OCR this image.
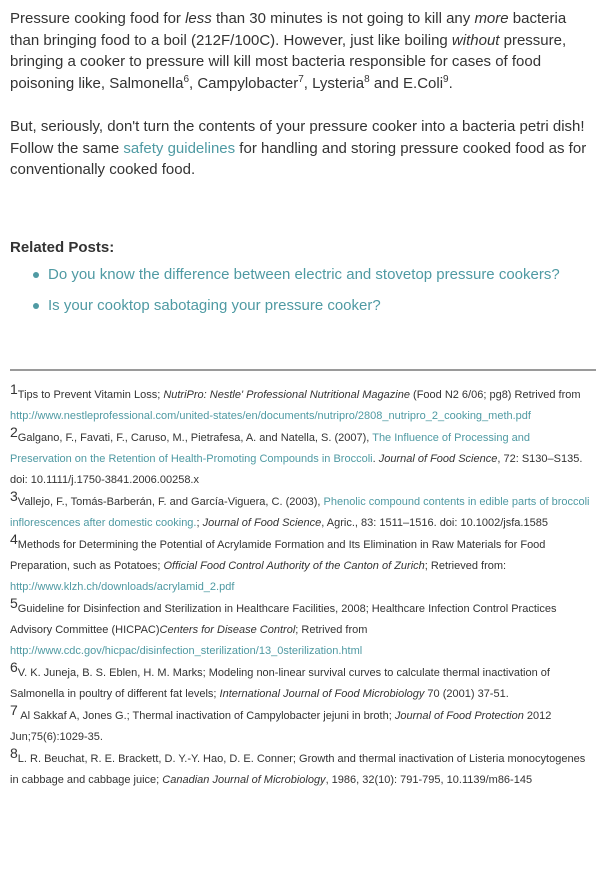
Pressure cooking food for less than 30 minutes is not going to kill any more bacteria than bringing food to a boil (212F/100C). However, just like boiling without pressure, bringing a cooker to pressure will kill most bacteria responsible for cases of food poisoning like, Salmonella$^6$, Campylobacter$^7$, Lysteria$^8$ and E.Coli$^9$.

But, seriously, don't turn the contents of your pressure cooker into a bacteria petri dish! Follow the same safety guidelines for handling and storing pressure cooked food as for conventionally cooked food.

Related Posts:
Do you know the difference between electric and stovetop pressure cookers?
Is your cooktop sabotaging your pressure cooker?
1Tips to Prevent Vitamin Loss; NutriPro: Nestle' Professional Nutritional Magazine (Food N2 6/06; pg8) Retrived from http://www.nestleprofessional.com/united-states/en/documents/nutripro/2808_nutripro_2_cooking_meth.pdf
2Galgano, F., Favati, F., Caruso, M., Pietrafesa, A. and Natella, S. (2007), The Influence of Processing and Preservation on the Retention of Health-Promoting Compounds in Broccoli. Journal of Food Science, 72: S130–S135. doi: 10.1111/j.1750-3841.2006.00258.x
3Vallejo, F., Tomás-Barberán, F. and García-Viguera, C. (2003), Phenolic compound contents in edible parts of broccoli inflorescences after domestic cooking.; Journal of Food Science, Agric., 83: 1511–1516. doi: 10.1002/jsfa.1585
4Methods for Determining the Potential of Acrylamide Formation and Its Elimination in Raw Materials for Food Preparation, such as Potatoes; Official Food Control Authority of the Canton of Zurich; Retrieved from: http://www.klzh.ch/downloads/acrylamid_2.pdf
5Guideline for Disinfection and Sterilization in Healthcare Facilities, 2008; Healthcare Infection Control Practices Advisory Committee (HICPAC)Centers for Disease Control; Retrived from http://www.cdc.gov/hicpac/disinfection_sterilization/13_0sterilization.html
6V. K. Juneja, B. S. Eblen, H. M. Marks; Modeling non-linear survival curves to calculate thermal inactivation of Salmonella in poultry of different fat levels; International Journal of Food Microbiology 70 (2001) 37-51.
7 Al Sakkaf A, Jones G.; Thermal inactivation of Campylobacter jejuni in broth; Journal of Food Protection 2012 Jun;75(6):1029-35.
8L. R. Beuchat, R. E. Brackett, D. Y.-Y. Hao, D. E. Conner; Growth and thermal inactivation of Listeria monocytogenes in cabbage and cabbage juice; Canadian Journal of Microbiology, 1986, 32(10): 791-795, 10.1139/m86-145
